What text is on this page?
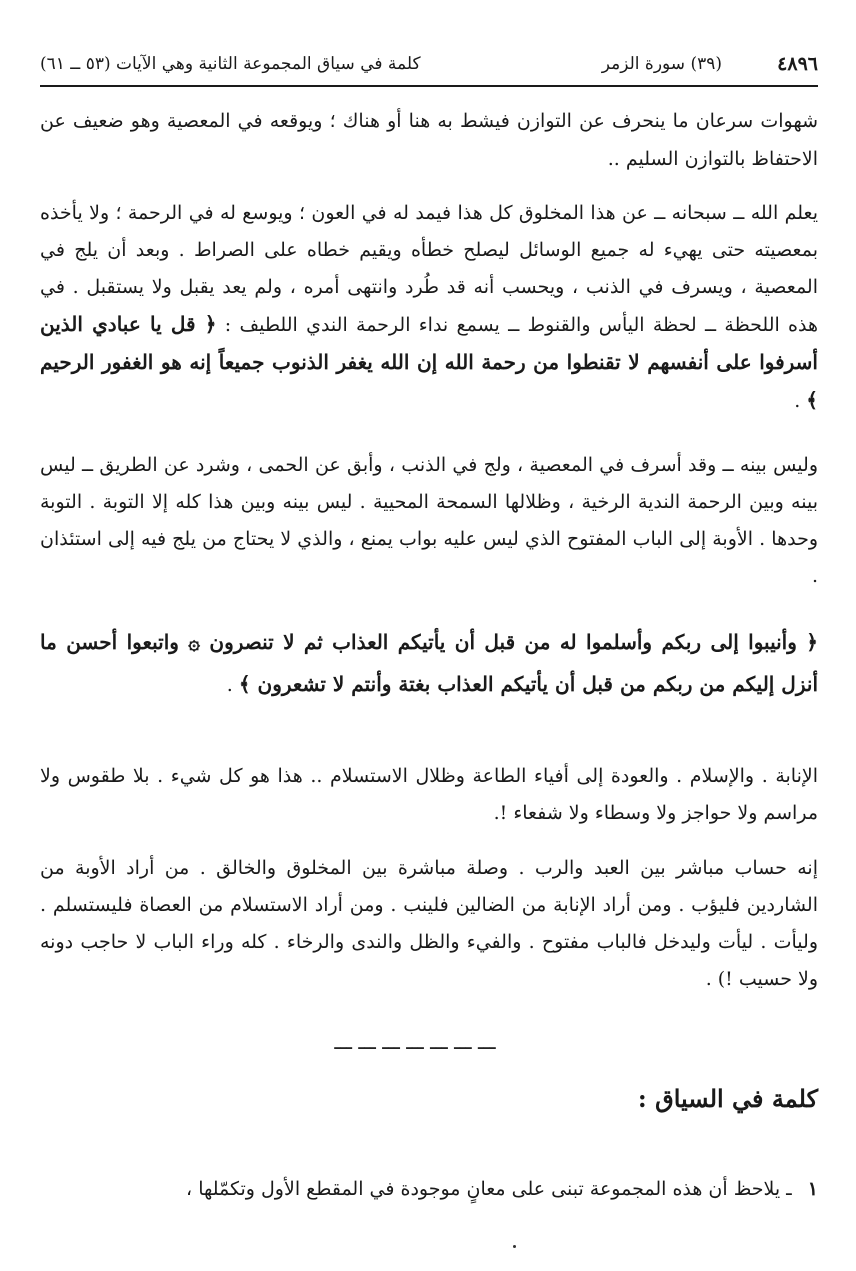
٤٨٩٦
(٣٩) سورة الزمر
كلمة في سياق المجموعة الثانية وهي الآيات (٥٣ ــ ٦١)
شهوات سرعان ما ينحرف عن التوازن فيشط به هنا أو هناك ؛ ويوقعه في المعصية وهو ضعيف عن الاحتفاظ بالتوازن السليم ..
يعلم الله ــ سبحانه ــ عن هذا المخلوق كل هذا فيمد له في العون ؛ ويوسع له في الرحمة ؛ ولا يأخذه بمعصيته حتى يهيء له جميع الوسائل ليصلح خطأه ويقيم خطاه على الصراط . وبعد أن يلج في المعصية ، ويسرف في الذنب ، ويحسب أنه قد طُرد وانتهى أمره ، ولم يعد يقبل ولا يستقبل . في هذه اللحظة ــ لحظة اليأس والقنوط ــ يسمع نداء الرحمة الندي اللطيف : ﴿ قل يا عبادي الذين أسرفوا على أنفسهم لا تقنطوا من رحمة الله إن الله يغفر الذنوب جميعاً إنه هو الغفور الرحيم ﴾ .
وليس بينه ــ وقد أسرف في المعصية ، ولج في الذنب ، وأبق عن الحمى ، وشرد عن الطريق ــ ليس بينه وبين الرحمة الندية الرخية ، وظلالها السمحة المحيية . ليس بينه وبين هذا كله إلا التوبة . التوبة وحدها . الأوبة إلى الباب المفتوح الذي ليس عليه بواب يمنع ، والذي لا يحتاج من يلج فيه إلى استئذان .
﴿ وأنيبوا إلى ربكم وأسلموا له من قبل أن يأتيكم العذاب ثم لا تنصرون ۞ واتبعوا أحسن ما أنزل إليكم من ربكم من قبل أن يأتيكم العذاب بغتة وأنتم لا تشعرون ﴾ .
الإنابة . والإسلام . والعودة إلى أفياء الطاعة وظلال الاستسلام .. هذا هو كل شيء . بلا طقوس ولا مراسم ولا حواجز ولا وسطاء ولا شفعاء !.
إنه حساب مباشر بين العبد والرب . وصلة مباشرة بين المخلوق والخالق . من أراد الأوبة من الشاردين فليؤب . ومن أراد الإنابة من الضالين فلينب . ومن أراد الاستسلام من العصاة فليستسلم . وليأت . ليأت وليدخل فالباب مفتوح . والفيء والظل والندى والرخاء . كله وراء الباب لا حاجب دونه ولا حسيب !) .
ـــ ـــ ـــ ـــ ـــ ـــ ـــ
كلمة في السياق :
١ ـ يلاحظ أن هذه المجموعة تبنى على معانٍ موجودة في المقطع الأول وتكمّلها ،
